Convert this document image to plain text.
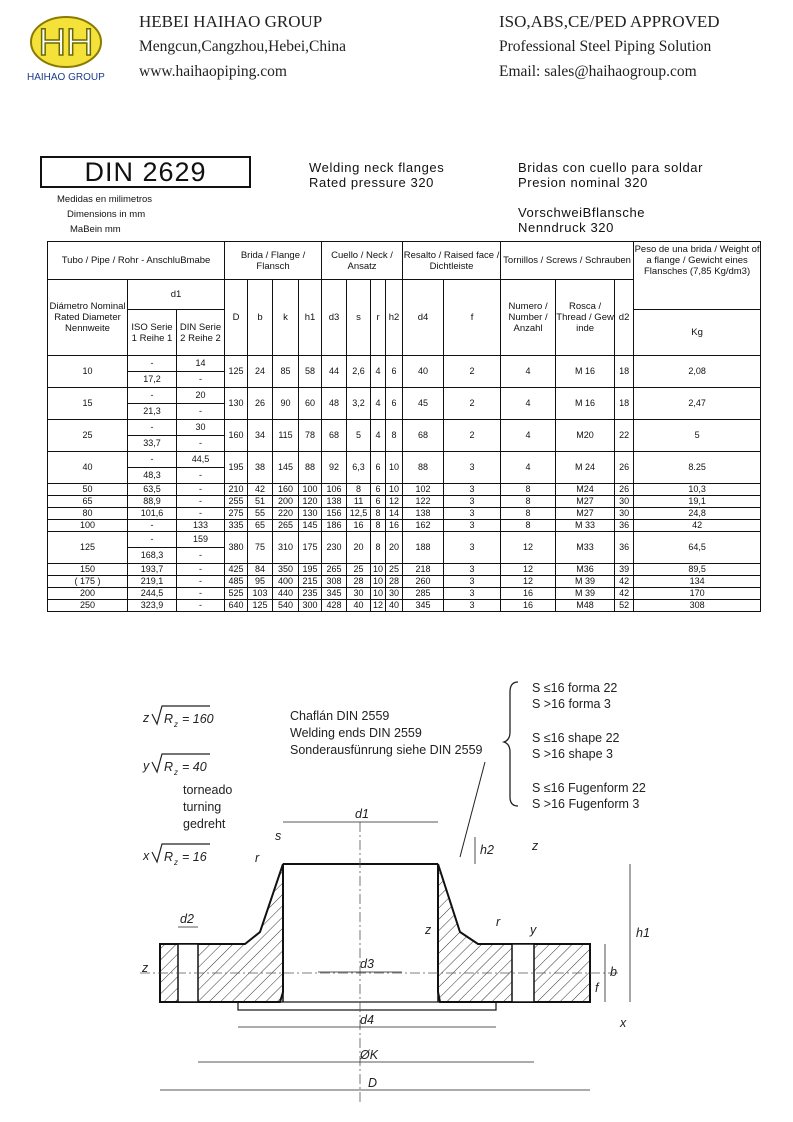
HH
HAIHAO GROUP
HEBEI HAIHAO GROUP
Mengcun,Cangzhou,Hebei,China
www.haihaopiping.com
ISO,ABS,CE/PED APPROVED
Professional Steel Piping Solution
Email: sales@haihaogroup.com
DIN 2629	Welding neck flanges
Rated pressure 320
Bridas con cuello para soldar
Presion nominal 320
VorschweiBflansche
Nenndruck 320
Medidas en milimetros
Dimensions in mm
MaBein mm
Tubo / Pipe / Rohr - AnschluBmabe			Brida / Flange / Flansch				Cuello / Neck / Ansatz				Resalto / Raised face / Dichtleiste		Tornillos / Screws / Schrauben			Peso de una brida / Weight of a flange / Gewicht eines Flansches (7,85 Kg/dm3)
Diámetro Nominal Rated Diameter Nennweite	d1		D	b	k	h1	d3	s	r	h2	d4	f	Numero / Number / Anzahl	Rosca / Thread / Gew inde	d2	
	ISO Serie 1 Reihe 1	DIN Serie 2 Reihe 2														Kg
10	-	14	125	24	85	58	44	2,6	4	6	40	2	4	M 16	18	2,08
	17,2	-														
15	-	20	130	26	90	60	48	3,2	4	6	45	2	4	M 16	18	2,47
	21,3	-														
25	-	30	160	34	115	78	68	5	4	8	68	2	4	M20	22	5
	33,7	-														
40	-	44,5	195	38	145	88	92	6,3	6	10	88	3	4	M 24	26	8.25
	48,3	-														
50	63,5	-	210	42	160	100	106	8	6	10	102	3	8	M24	26	10,3
65	88,9	-	255	51	200	120	138	11	6	12	122	3	8	M27	30	19,1
80	101,6	-	275	55	220	130	156	12,5	8	14	138	3	8	M27	30	24,8
100	-	133	335	65	265	145	186	16	8	16	162	3	8	M 33	36	42
125	-	159	380	75	310	175	230	20	8	20	188	3	12	M33	36	64,5
	168,3	-														
150	193,7	-	425	84	350	195	265	25	10	25	218	3	12	M36	39	89,5
( 175 )	219,1	-	485	95	400	215	308	28	10	28	260	3	12	M 39	42	134
200	244,5	-	525	103	440	235	345	30	10	30	285	3	16	M 39	42	170
250	323,9	-	640	125	540	300	428	40	12	40	345	3	16	M48	52	308
z R z = 160
y R z = 40
torneado
turning
gedreht
x R z = 16
Chaflán DIN 2559
Welding ends DIN 2559
Sonderausfünrung siehe DIN 2559
S ≤16 forma 22
S >16 forma 3
S ≤16 shape 22
S >16 shape 3
S ≤16 Fugenform 22
S >16 Fugenform 3
d1
d2
d3
d4
ØK
D
h1
h2
b
f
s
r
r
z
z
z	y
x
